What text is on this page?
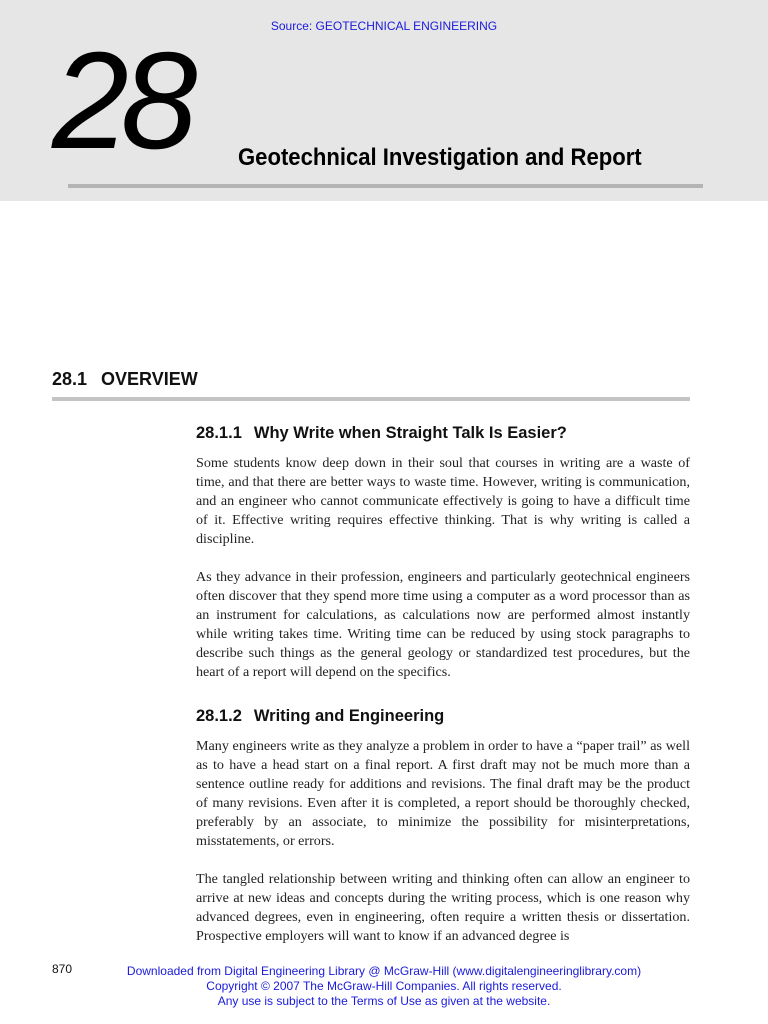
Source: GEOTECHNICAL ENGINEERING
28 Geotechnical Investigation and Report
28.1 OVERVIEW
28.1.1 Why Write when Straight Talk Is Easier?

Some students know deep down in their soul that courses in writing are a waste of time, and that there are better ways to waste time. However, writing is communication, and an engineer who cannot communicate effectively is going to have a difficult time of it. Effective writing requires effective thinking. That is why writing is called a discipline.

As they advance in their profession, engineers and particularly geotechnical engineers often discover that they spend more time using a computer as a word processor than as an instrument for calculations, as calculations now are performed almost instantly while writing takes time. Writing time can be reduced by using stock paragraphs to describe such things as the general geology or standardized test procedures, but the heart of a report will depend on the specifics.

28.1.2 Writing and Engineering

Many engineers write as they analyze a problem in order to have a “paper trail” as well as to have a head start on a final report. A first draft may not be much more than a sentence outline ready for additions and revisions. The final draft may be the product of many revisions. Even after it is completed, a report should be thoroughly checked, preferably by an associate, to minimize the possibility for misinterpretations, misstatements, or errors.

The tangled relationship between writing and thinking often can allow an engineer to arrive at new ideas and concepts during the writing process, which is one reason why advanced degrees, even in engineering, often require a written thesis or dissertation. Prospective employers will want to know if an advanced degree is

870	Downloaded from Digital Engineering Library @ McGraw-Hill (www.digitalengineeringlibrary.com)
Copyright © 2007 The McGraw-Hill Companies. All rights reserved.
Any use is subject to the Terms of Use as given at the website.
